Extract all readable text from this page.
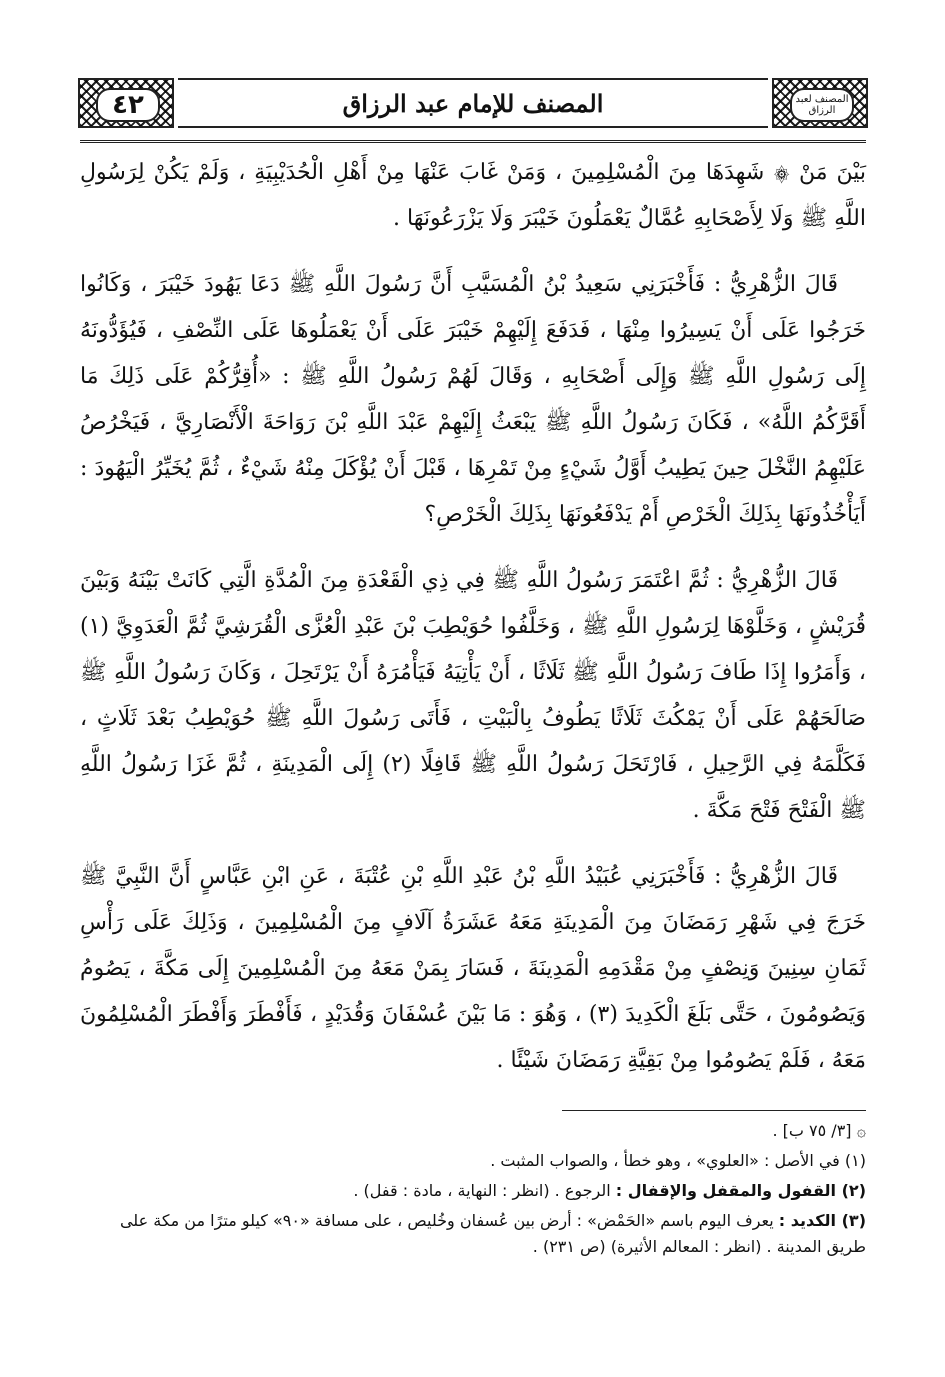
٤٢	المصنف للإمام عبد الرزاق	المصنف لعبد الرزاق

بَيْنَ مَنْ ۞ شَهِدَهَا مِنَ الْمُسْلِمِينَ ، وَمَنْ غَابَ عَنْهَا مِنْ أَهْلِ الْحُدَيْبِيَةِ ، وَلَمْ يَكُنْ لِرَسُولِ اللَّهِ ﷺ وَلَا لِأَصْحَابِهِ عُمَّالٌ يَعْمَلُونَ خَيْبَرَ وَلَا يَزْرَعُونَهَا .

قَالَ الزُّهْرِيُّ : فَأَخْبَرَنِي سَعِيدُ بْنُ الْمُسَيَّبِ أَنَّ رَسُولَ اللَّهِ ﷺ دَعَا يَهُودَ خَيْبَرَ ، وَكَانُوا خَرَجُوا عَلَى أَنْ يَسِيرُوا مِنْهَا ، فَدَفَعَ إِلَيْهِمْ خَيْبَرَ عَلَى أَنْ يَعْمَلُوهَا عَلَى النِّصْفِ ، فَيُؤَدُّونَهُ إِلَى رَسُولِ اللَّهِ ﷺ وَإِلَى أَصْحَابِهِ ، وَقَالَ لَهُمْ رَسُولُ اللَّهِ ﷺ : «أُقِرُّكُمْ عَلَى ذَلِكَ مَا أَقَرَّكُمُ اللَّهُ» ، فَكَانَ رَسُولُ اللَّهِ ﷺ يَبْعَثُ إِلَيْهِمْ عَبْدَ اللَّهِ بْنَ رَوَاحَةَ الْأَنْصَارِيَّ ، فَيَخْرُصُ عَلَيْهِمُ النَّخْلَ حِينَ يَطِيبُ أَوَّلُ شَيْءٍ مِنْ تَمْرِهَا ، قَبْلَ أَنْ يُؤْكَلَ مِنْهُ شَيْءٌ ، ثُمَّ يُخَيِّرُ الْيَهُودَ : أَيَأْخُذُونَهَا بِذَلِكَ الْخَرْصِ أَمْ يَدْفَعُونَهَا بِذَلِكَ الْخَرْصِ؟

قَالَ الزُّهْرِيُّ : ثُمَّ اعْتَمَرَ رَسُولُ اللَّهِ ﷺ فِي ذِي الْقَعْدَةِ مِنَ الْمُدَّةِ الَّتِي كَانَتْ بَيْنَهُ وَبَيْنَ قُرَيْشٍ ، وَخَلَّوْهَا لِرَسُولِ اللَّهِ ﷺ ، وَخَلَّفُوا حُوَيْطِبَ بْنَ عَبْدِ الْعُزَّى الْقُرَشِيَّ ثُمَّ الْعَدَوِيَّ (١) ، وَأَمَرُوا إِذَا طَافَ رَسُولُ اللَّهِ ﷺ ثَلَاثًا ، أَنْ يَأْتِيَهُ فَيَأْمُرَهُ أَنْ يَرْتَحِلَ ، وَكَانَ رَسُولُ اللَّهِ ﷺ صَالَحَهُمْ عَلَى أَنْ يَمْكُثَ ثَلَاثًا يَطُوفُ بِالْبَيْتِ ، فَأَتَى رَسُولَ اللَّهِ ﷺ حُوَيْطِبُ بَعْدَ ثَلَاثٍ ، فَكَلَّمَهُ فِي الرَّحِيلِ ، فَارْتَحَلَ رَسُولُ اللَّهِ ﷺ قَافِلًا (٢) إِلَى الْمَدِينَةِ ، ثُمَّ غَزَا رَسُولُ اللَّهِ ﷺ الْفَتْحَ فَتْحَ مَكَّةَ .

قَالَ الزُّهْرِيُّ : فَأَخْبَرَنِي عُبَيْدُ اللَّهِ بْنُ عَبْدِ اللَّهِ بْنِ عُتْبَةَ ، عَنِ ابْنِ عَبَّاسٍ أَنَّ النَّبِيَّ ﷺ خَرَجَ فِي شَهْرِ رَمَضَانَ مِنَ الْمَدِينَةِ مَعَهُ عَشَرَةُ آلَافٍ مِنَ الْمُسْلِمِينَ ، وَذَلِكَ عَلَى رَأْسِ ثَمَانِ سِنِينَ وَنِصْفٍ مِنْ مَقْدَمِهِ الْمَدِينَةَ ، فَسَارَ بِمَنْ مَعَهُ مِنَ الْمُسْلِمِينَ إِلَى مَكَّةَ ، يَصُومُ وَيَصُومُونَ ، حَتَّى بَلَغَ الْكَدِيدَ (٣) ، وَهُوَ : مَا بَيْنَ عُسْفَانَ وَقُدَيْدٍ ، فَأَفْطَرَ وَأَفْطَرَ الْمُسْلِمُونَ مَعَهُ ، فَلَمْ يَصُومُوا مِنْ بَقِيَّةِ رَمَضَانَ شَيْئًا .

۞ [٣/ ٧٥ ب] .
(١) في الأصل : «العلوي» ، وهو خطأ ، والصواب المثبت .
(٢) القفول والمقفل والإقفال : الرجوع . (انظر : النهاية ، مادة : قفل) .
(٣) الكديد : يعرف اليوم باسم «الحَمْض» : أرض بين عُسفان وخُليص ، على مسافة «٩٠» كيلو مترًا من مكة على طريق المدينة . (انظر : المعالم الأثيرة) (ص ٢٣١) .
